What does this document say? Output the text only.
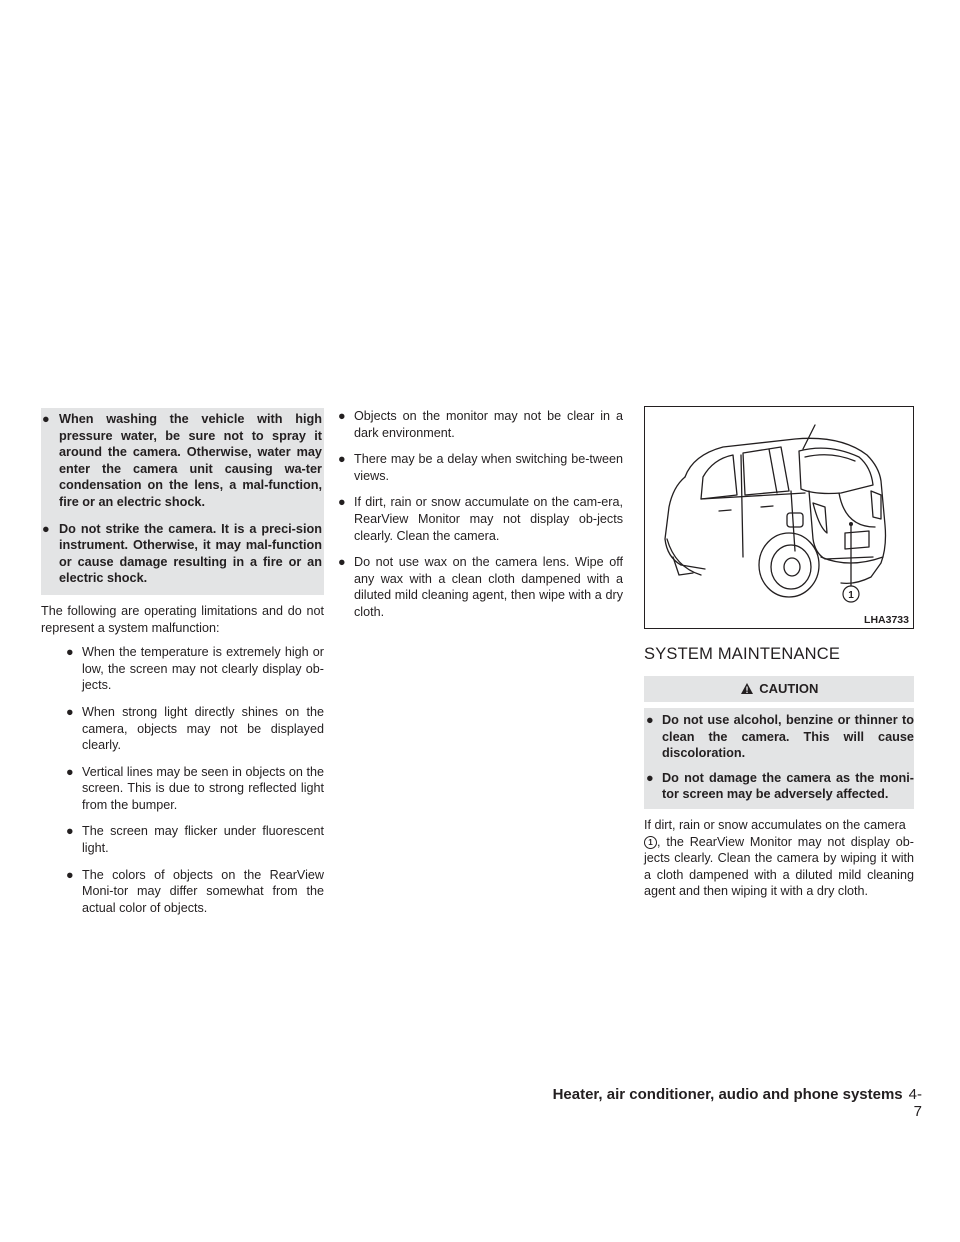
● When washing the vehicle with high pressure water, be sure not to spray it around the camera. Otherwise, water may enter the camera unit causing wa-ter condensation on the lens, a mal-function, fire or an electric shock.
● Do not strike the camera. It is a preci-sion instrument. Otherwise, it may mal-function or cause damage resulting in a fire or an electric shock.

The following are operating limitations and do not represent a system malfunction:

● When the temperature is extremely high or low, the screen may not clearly display ob-jects.
● When strong light directly shines on the camera, objects may not be displayed clearly.
● Vertical lines may be seen in objects on the screen. This is due to strong reflected light from the bumper.
● The screen may flicker under fluorescent light.
● The colors of objects on the RearView Moni-tor may differ somewhat from the actual color of objects.
● Objects on the monitor may not be clear in a dark environment.
● There may be a delay when switching be-tween views.
● If dirt, rain or snow accumulate on the cam-era, RearView Monitor may not display ob-jects clearly. Clean the camera.
● Do not use wax on the camera lens. Wipe off any wax with a clean cloth dampened with a diluted mild cleaning agent, then wipe with a dry cloth.
1
LHA3733
SYSTEM MAINTENANCE
CAUTION
● Do not use alcohol, benzine or thinner to clean the camera. This will cause discoloration.
● Do not damage the camera as the moni-tor screen may be adversely affected.

If dirt, rain or snow accumulates on the camera
1 , the RearView Monitor may not display ob-jects clearly. Clean the camera by wiping it with a cloth dampened with a diluted mild cleaning agent and then wiping it with a dry cloth.

Heater, air conditioner, audio and phone systems 4-7
